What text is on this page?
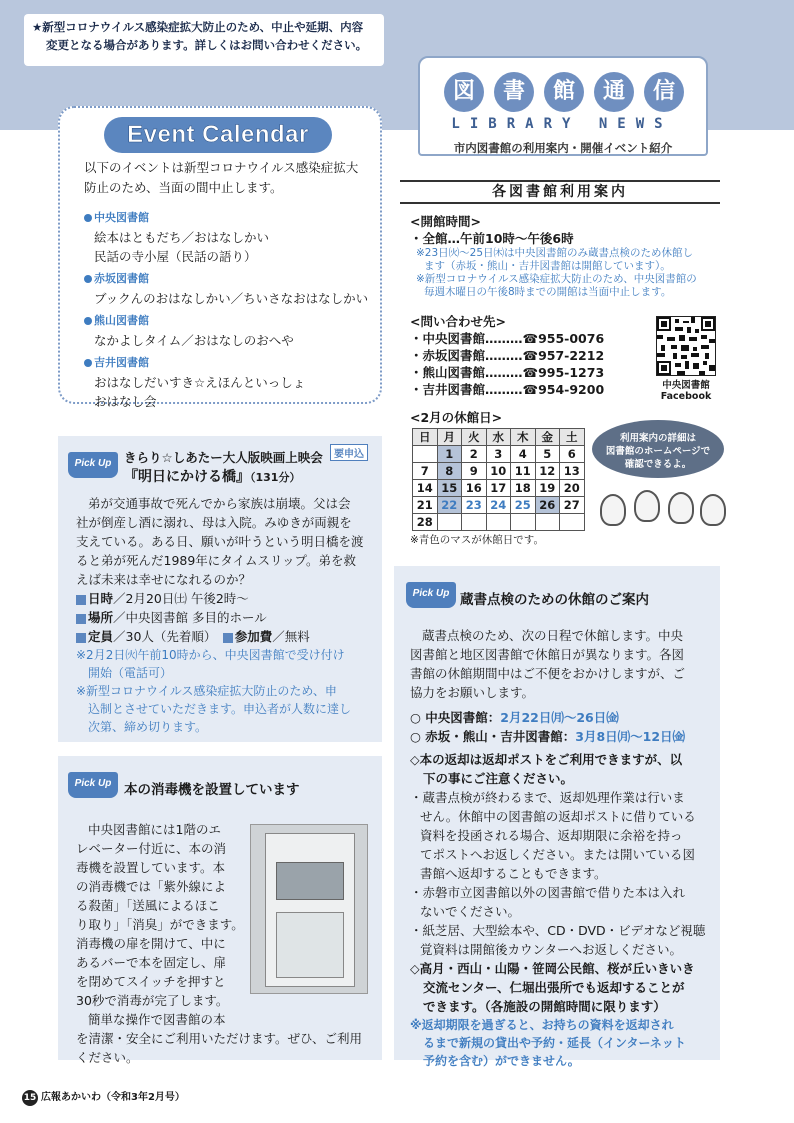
★新型コロナウイルス感染症拡大防止のため、中止や延期、内容
変更となる場合があります。詳しくはお問い合わせください。
図	書	館	通	信
LIBRARY NEWS
市内図書館の利用案内・開催イベント紹介
Event Calendar
以下のイベントは新型コロナウイルス感染症拡大
防止のため、当面の間中止します。
中央図書館
絵本はともだち／おはなしかい
民話の寺小屋（民話の語り）
赤坂図書館
ブックんのおはなしかい／ちいさなおはなしかい
熊山図書館
なかよしタイム／おはなしのおへや
吉井図書館
おはなしだいすき☆えほんといっしょ
おはなし会
各図書館利用案内
<開館時間>
・全館…午前10時～午後6時
※23日㈫～25日㈭は中央図書館のみ蔵書点検のため休館し
ます（赤坂・熊山・吉井図書館は開館しています）。
※新型コロナウイルス感染症拡大防止のため、中央図書館の
毎週木曜日の午後8時までの開館は当面中止します。
<問い合わせ先>
・中央図書館………☎955-0076
・赤坂図書館………☎957-2212
・熊山図書館………☎995-1273
・吉井図書館………☎954-9200	中央図書館
Facebook
<2月の休館日>
日	月	火	水	木	金	土
	1	2	3	4	5	6
7	8	9	10	11	12	13
14	15	16	17	18	19	20
21	22	23	24	25	26	27
28						
※青色のマスが休館日です。
利用案内の詳細は
図書館のホームページで
確認できるよ。
Pick Up	きらり☆しあたー大人版映画上映会
『明日にかける橋』（131分）
要申込
弟が交通事故で死んでから家族は崩壊。父は会
社が倒産し酒に溺れ、母は入院。みゆきが両親を
支えている。ある日、願いが叶うという明日橋を渡
ると弟が死んだ1989年にタイムスリップ。弟を救
えば未来は幸せになれるのか？
日時／2月20日㈯ 午後2時～
場所／中央図書館 多目的ホール
定員／30人（先着順）　 参加費／無料
※2月2日㈫午前10時から、中央図書館で受け付け
開始（電話可）
※新型コロナウイルス感染症拡大防止のため、申
込制とさせていただきます。申込者が人数に達し
次第、締め切ります。
Pick Up 本の消毒機を設置しています
中央図書館には1階のエ
レベーター付近に、本の消
毒機を設置しています。本
の消毒機では「紫外線によ
る殺菌」「送風によるほこ
り取り」「消臭」ができます。
消毒機の扉を開けて、中に
あるバーで本を固定し、扉
を閉めてスイッチを押すと
30秒で消毒が完了します。
簡単な操作で図書館の本
を清潔・安全にご利用いただけます。ぜひ、ご利用
ください。
Pick Up 蔵書点検のための休館のご案内
蔵書点検のため、次の日程で休館します。中央
図書館と地区図書館で休館日が異なります。各図
書館の休館期間中はご不便をおかけしますが、ご
協力をお願いします。
○ 中央図書館：2月22日㈪～26日㈮
○ 赤坂・熊山・吉井図書館：3月8日㈪～12日㈮
◇本の返却は返却ポストをご利用できますが、以
下の事にご注意ください。
・蔵書点検が終わるまで、返却処理作業は行いま
せん。休館中の図書館の返却ポストに借りている
資料を投函される場合、返却期限に余裕を持っ
てポストへお返しください。または開いている図
書館へ返却することもできます。
・赤磐市立図書館以外の図書館で借りた本は入れ
ないでください。
・紙芝居、大型絵本や、CD・DVD・ビデオなど視聴
覚資料は開館後カウンターへお返しください。
◇高月・西山・山陽・笹岡公民館、桜が丘いきいき
交流センター、仁堀出張所でも返却することが
できます。（各施設の開館時間に限ります）
※返却期限を過ぎると、お持ちの資料を返却され
るまで新規の貸出や予約・延長（インターネット
予約を含む）ができません。
15 広報あかいわ（令和3年2月号）
